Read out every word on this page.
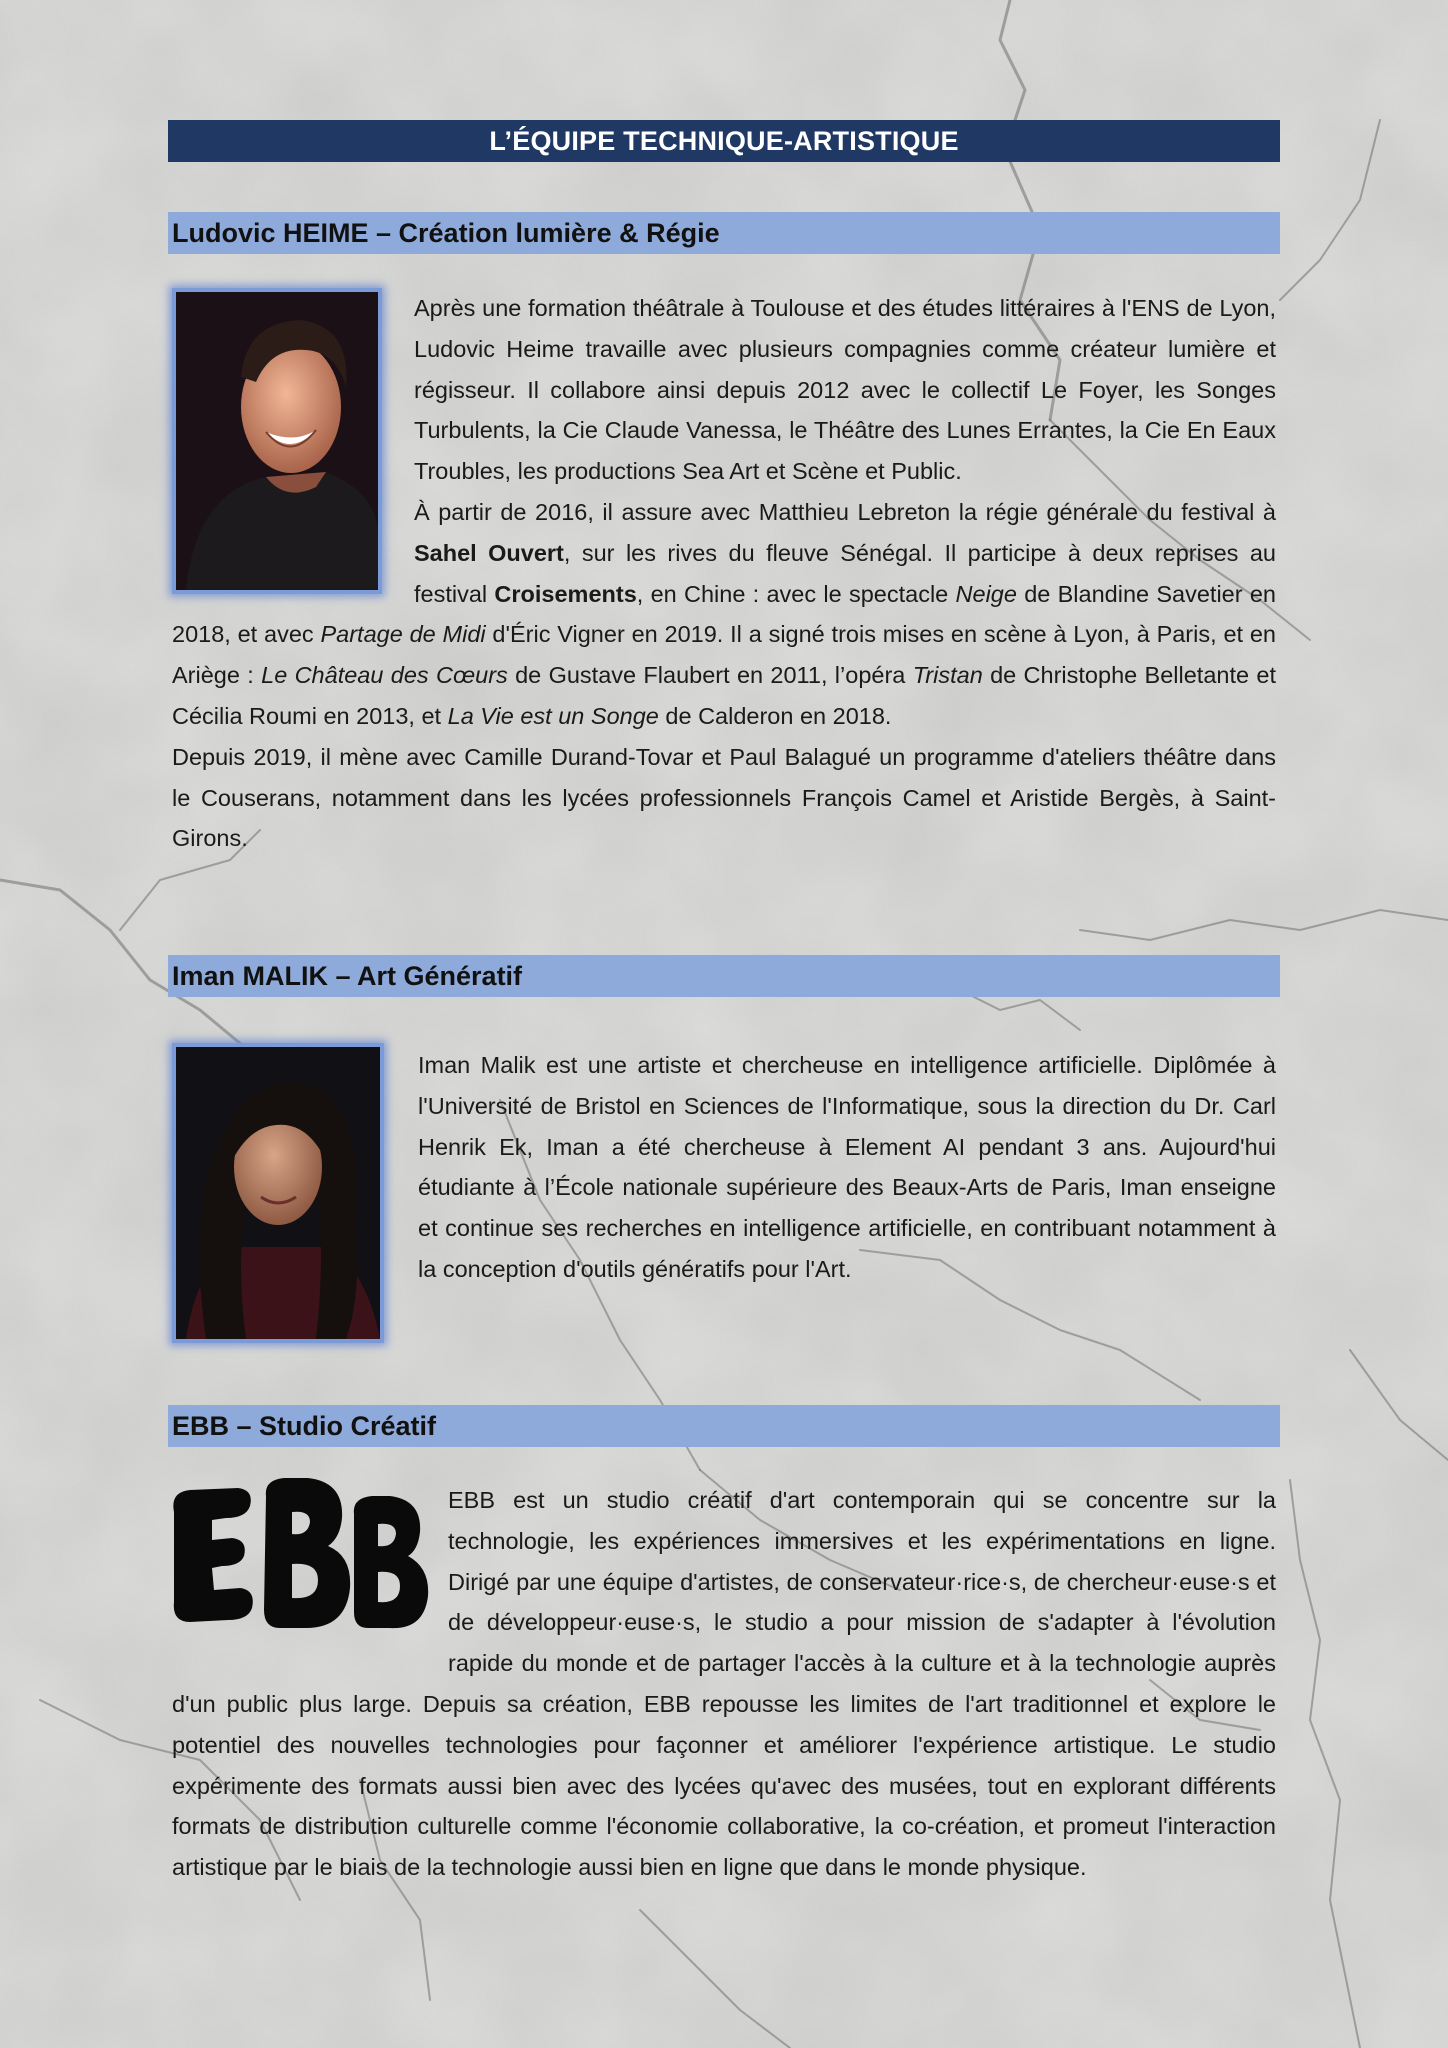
L’ÉQUIPE TECHNIQUE-ARTISTIQUE
Ludovic HEIME – Création lumière & Régie

Après une formation théâtrale à Toulouse et des études littéraires à l'ENS de Lyon, Ludovic Heime travaille avec plusieurs compagnies comme créateur lumière et régisseur. Il collabore ainsi depuis 2012 avec le collectif Le Foyer, les Songes Turbulents, la Cie Claude Vanessa, le Théâtre des Lunes Errantes, la Cie En Eaux Troubles, les productions Sea Art et Scène et Public.

À partir de 2016, il assure avec Matthieu Lebreton la régie générale du festival à Sahel Ouvert, sur les rives du fleuve Sénégal. Il participe à deux reprises au festival Croisements, en Chine : avec le spectacle Neige de Blandine Savetier en 2018, et avec Partage de Midi d'Éric Vigner en 2019. Il a signé trois mises en scène à Lyon, à Paris, et en Ariège : Le Château des Cœurs de Gustave Flaubert en 2011, l’opéra Tristan de Christophe Belletante et Cécilia Roumi en 2013, et La Vie est un Songe de Calderon en 2018.

Depuis 2019, il mène avec Camille Durand-Tovar et Paul Balagué un programme d'ateliers théâtre dans le Couserans, notamment dans les lycées professionnels François Camel et Aristide Bergès, à Saint-Girons.

Iman MALIK – Art Génératif

Iman Malik est une artiste et chercheuse en intelligence artificielle. Diplômée à l'Université de Bristol en Sciences de l'Informatique, sous la direction du Dr. Carl Henrik Ek, Iman a été chercheuse à Element AI pendant 3 ans. Aujourd'hui étudiante à l’École nationale supérieure des Beaux-Arts de Paris, Iman enseigne et continue ses recherches en intelligence artificielle, en contribuant notamment à la conception d'outils génératifs pour l'Art.

EBB – Studio Créatif

EBB est un studio créatif d'art contemporain qui se concentre sur la technologie, les expériences immersives et les expérimentations en ligne. Dirigé par une équipe d'artistes, de conservateur·rice·s, de chercheur·euse·s et de développeur·euse·s, le studio a pour mission de s'adapter à l'évolution rapide du monde et de partager l'accès à la culture et à la technologie auprès d'un public plus large. Depuis sa création, EBB repousse les limites de l'art traditionnel et explore le potentiel des nouvelles technologies pour façonner et améliorer l'expérience artistique. Le studio expérimente des formats aussi bien avec des lycées qu'avec des musées, tout en explorant différents formats de distribution culturelle comme l'économie collaborative, la co-création, et promeut l'interaction artistique par le biais de la technologie aussi bien en ligne que dans le monde physique.
